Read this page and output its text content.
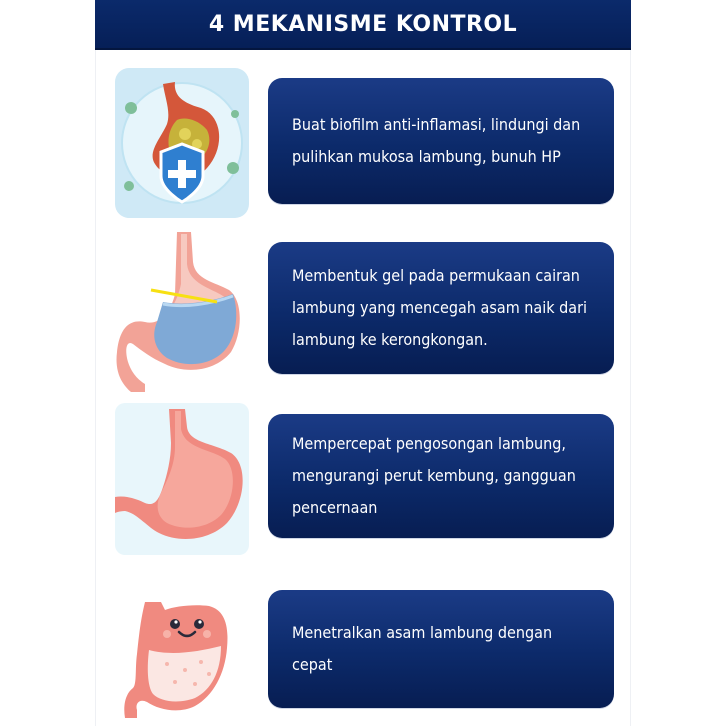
4 MEKANISME KONTROL
Buat biofilm anti-inflamasi, lindungi dan pulihkan mukosa lambung, bunuh HP
Membentuk gel pada permukaan cairan lambung yang mencegah asam naik dari lambung ke kerongkongan.
Mempercepat pengosongan lambung, mengurangi perut kembung, gangguan pencernaan
Menetralkan asam lambung dengan cepat
